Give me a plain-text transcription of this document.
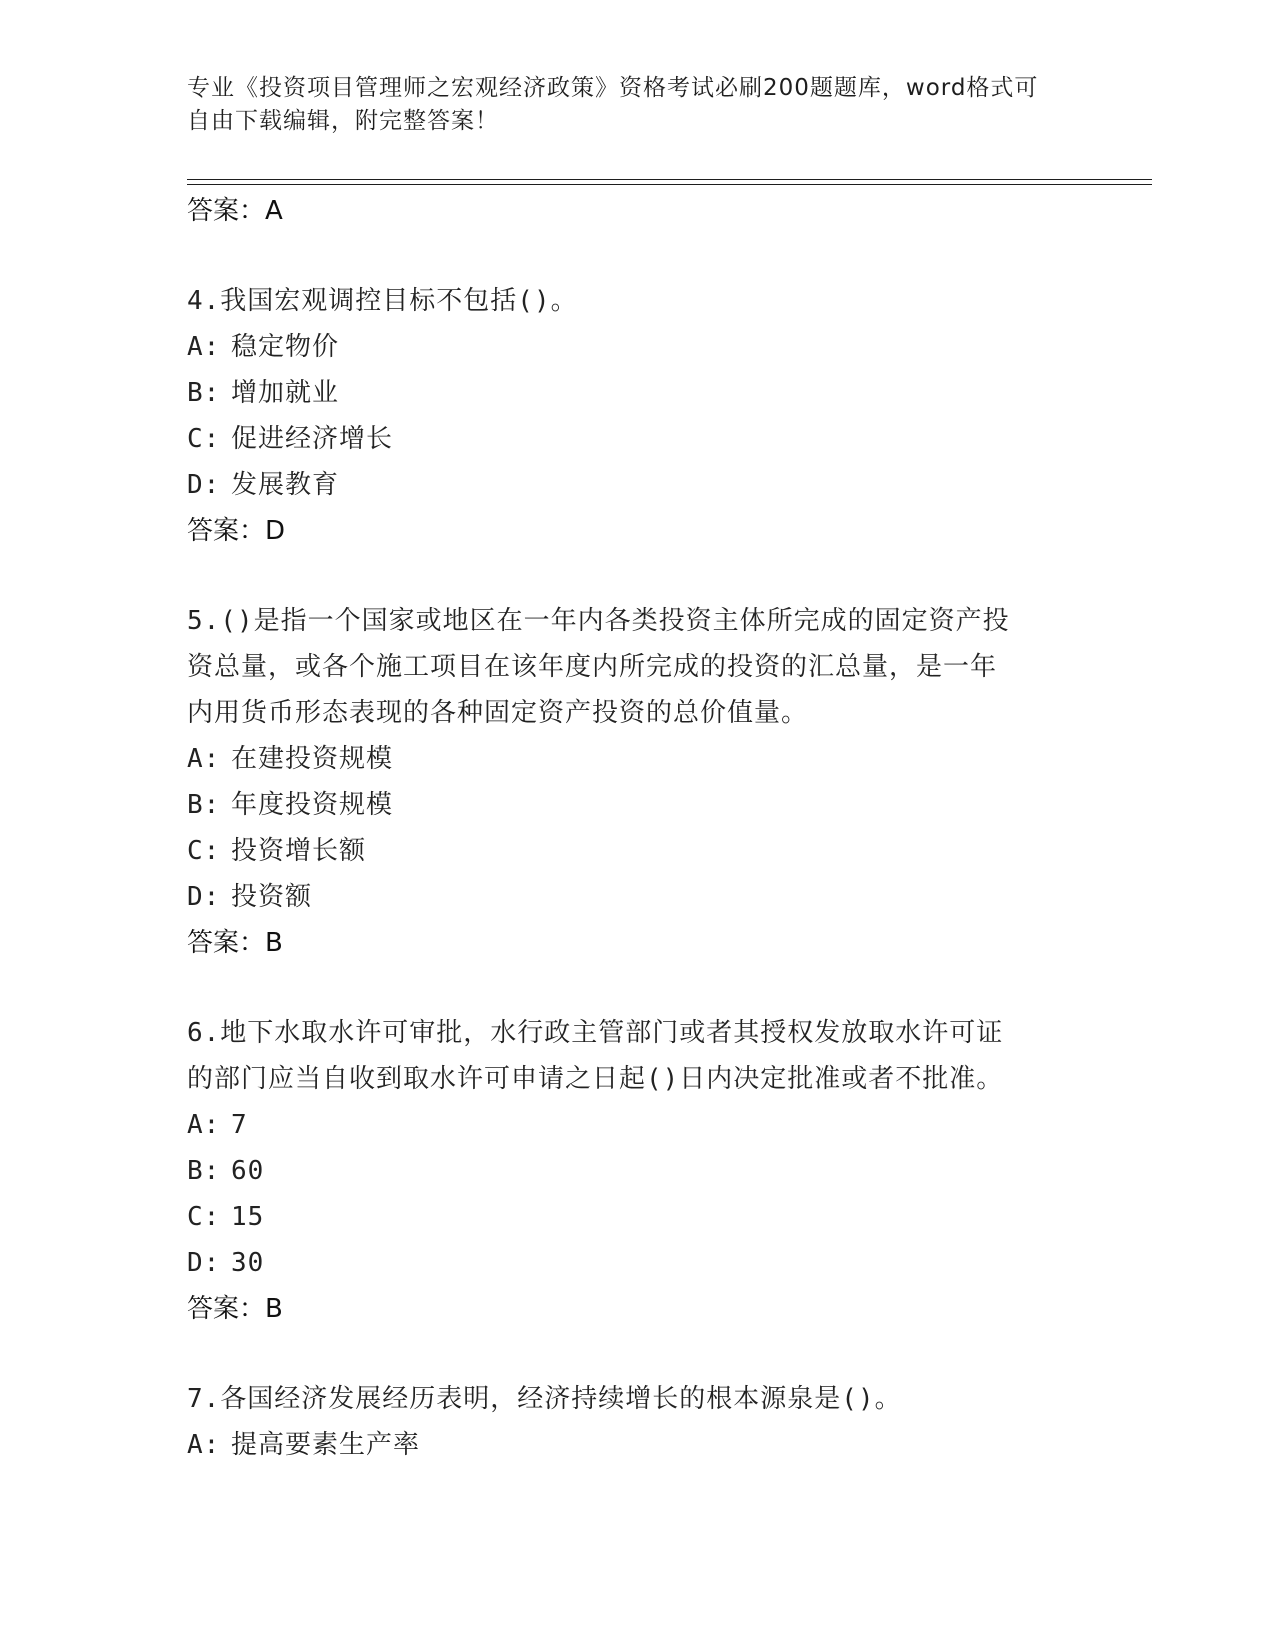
专业《投资项目管理师之宏观经济政策》资格考试必刷200题题库，word格式可
自由下载编辑，附完整答案！
答案：A
4.我国宏观调控目标不包括()。
A: 稳定物价
B: 增加就业
C: 促进经济增长
D: 发展教育
答案：D
5.()是指一个国家或地区在一年内各类投资主体所完成的固定资产投
资总量，或各个施工项目在该年度内所完成的投资的汇总量，是一年
内用货币形态表现的各种固定资产投资的总价值量。
A: 在建投资规模
B: 年度投资规模
C: 投资增长额
D: 投资额
答案：B
6.地下水取水许可审批，水行政主管部门或者其授权发放取水许可证
的部门应当自收到取水许可申请之日起()日内决定批准或者不批准。
A: 7
B: 60
C: 15
D: 30
答案：B
7.各国经济发展经历表明，经济持续增长的根本源泉是()。
A: 提高要素生产率
